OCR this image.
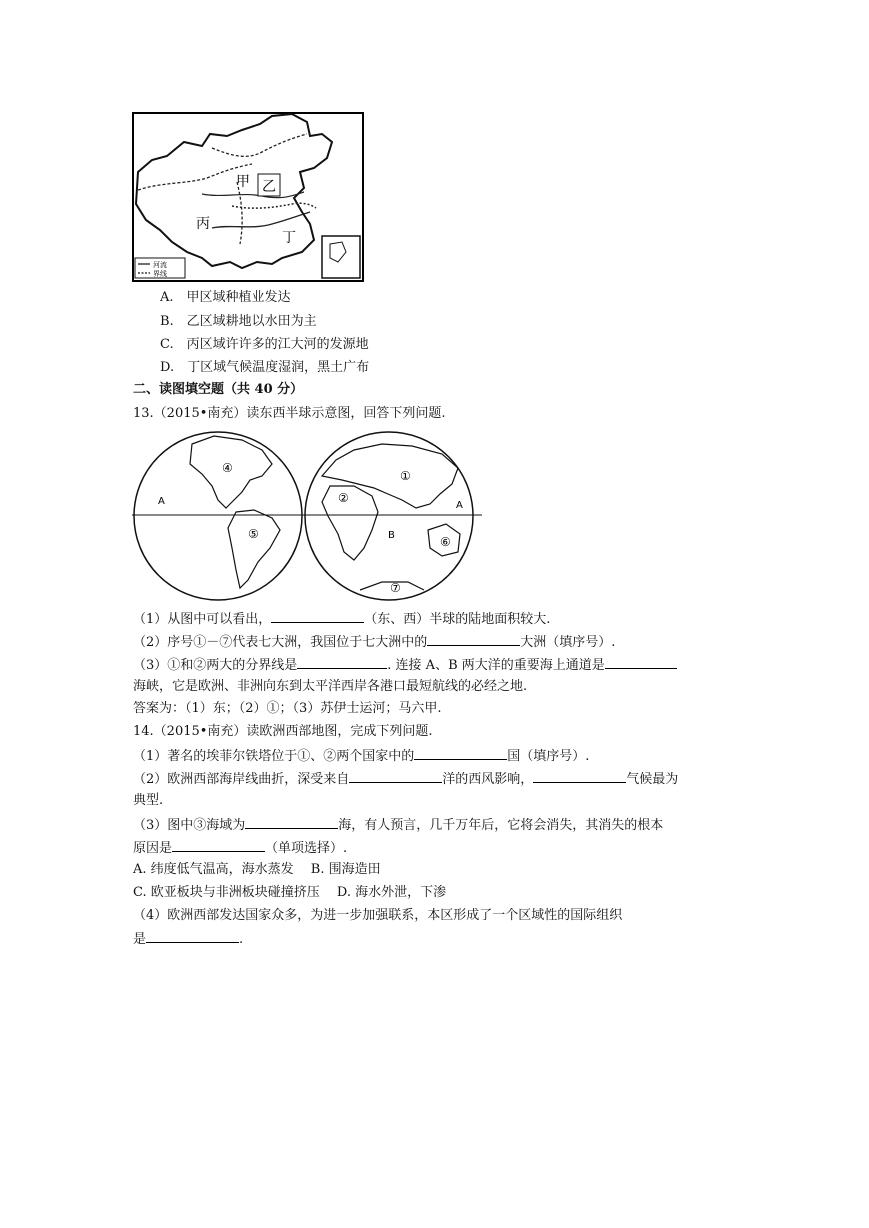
甲 乙
丙
丁
河流
界线
A.　甲区域种植业发达
B.　乙区域耕地以水田为主
C.　丙区域许许多的江大河的发源地
D.　丁区域气候温度湿润，黑土广布
二、读图填空题（共 40 分）
13.（2015•南充）读东西半球示意图，回答下列问题.
④
⑤
①
②
⑥
⑦
A	A
B
（1）从图中可以看出，	（东、西）半球的陆地面积较大.
（2）序号①－⑦代表七大洲，我国位于七大洲中的	大洲（填序号）.
（3）①和②两大的分界线是	. 连接 A、B 两大洋的重要海上通道是
海峡，它是欧洲、非洲向东到太平洋西岸各港口最短航线的必经之地.
答案为：（1）东；（2）①；（3）苏伊士运河；马六甲.
14.（2015•南充）读欧洲西部地图，完成下列问题.
（1）著名的埃菲尔铁塔位于①、②两个国家中的	国（填序号）.
（2）欧洲西部海岸线曲折，深受来自	洋的西风影响，	气候最为
典型.
（3）图中③海域为	海，有人预言，几千万年后，它将会消失，其消失的根本
原因是	（单项选择）.
A. 纬度低气温高，海水蒸发　 B. 围海造田
C. 欧亚板块与非洲板块碰撞挤压　 D. 海水外泄，下渗
（4）欧洲西部发达国家众多，为进一步加强联系，本区形成了一个区域性的国际组织
是	.
